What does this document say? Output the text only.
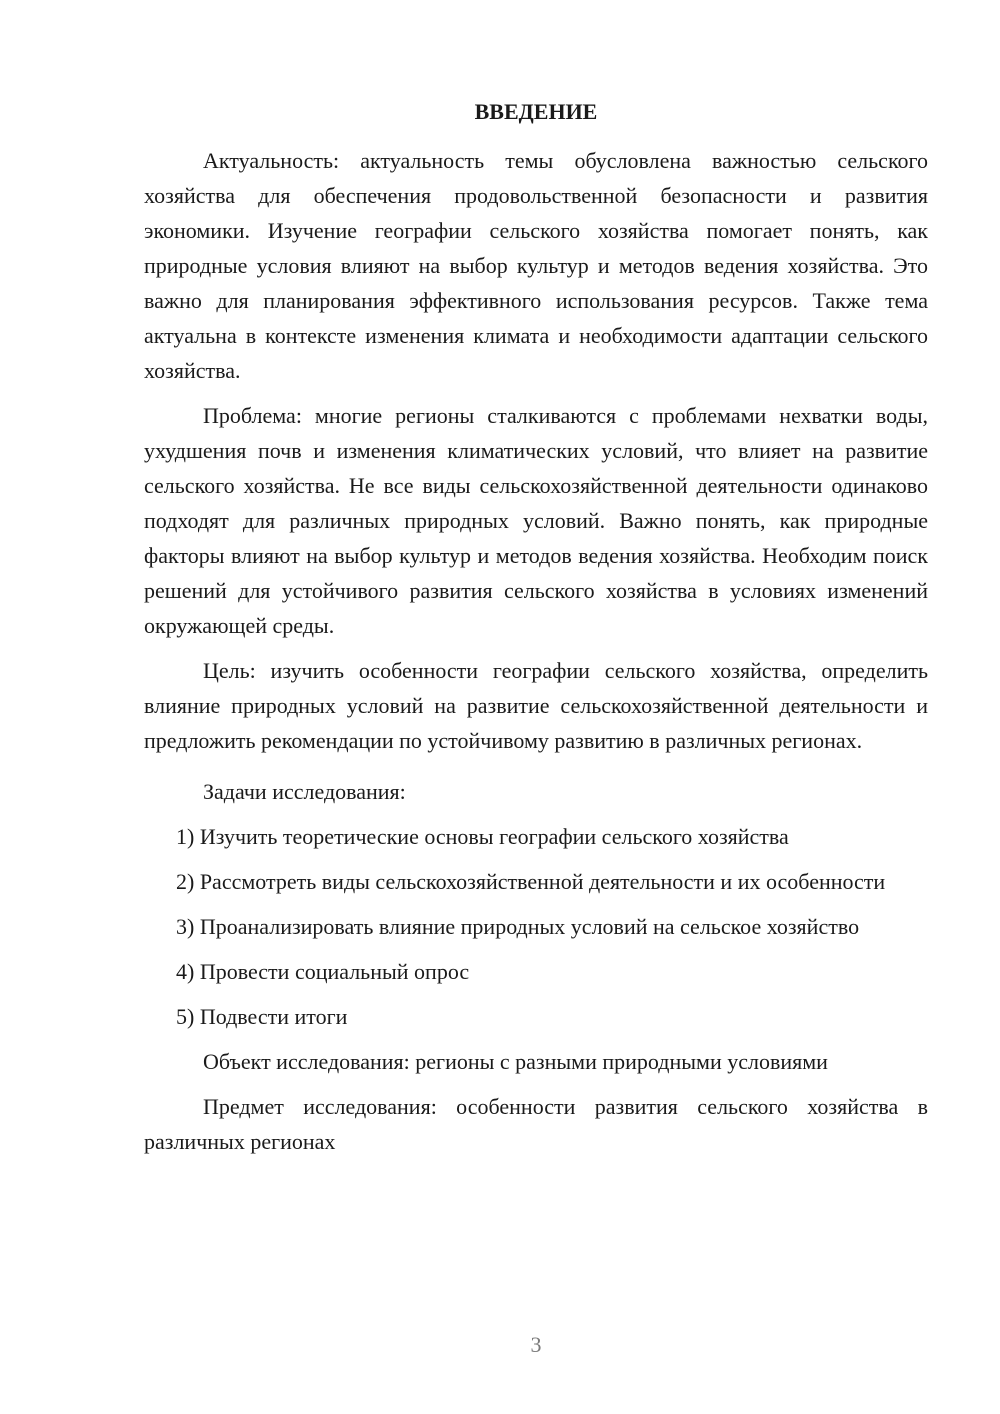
ВВЕДЕНИЕ

Актуальность: актуальность темы обусловлена важностью сельского хозяйства для обеспечения продовольственной безопасности и развития экономики. Изучение географии сельского хозяйства помогает понять, как природные условия влияют на выбор культур и методов ведения хозяйства. Это важно для планирования эффективного использования ресурсов. Также тема актуальна в контексте изменения климата и необходимости адаптации сельского хозяйства.

Проблема: многие регионы сталкиваются с проблемами нехватки воды, ухудшения почв и изменения климатических условий, что влияет на развитие сельского хозяйства. Не все виды сельскохозяйственной деятельности одинаково подходят для различных природных условий. Важно понять, как природные факторы влияют на выбор культур и методов ведения хозяйства. Необходим поиск решений для устойчивого развития сельского хозяйства в условиях изменений окружающей среды.

Цель: изучить особенности географии сельского хозяйства, определить влияние природных условий на развитие сельскохозяйственной деятельности и предложить рекомендации по устойчивому развитию в различных регионах.

Задачи исследования:

1) Изучить теоретические основы географии сельского хозяйства

2) Рассмотреть виды сельскохозяйственной деятельности и их особенности

3) Проанализировать влияние природных условий на сельское хозяйство

4) Провести социальный опрос

5) Подвести итоги

Объект исследования: регионы с разными природными условиями

Предмет исследования: особенности развития сельского хозяйства в различных регионах

3
